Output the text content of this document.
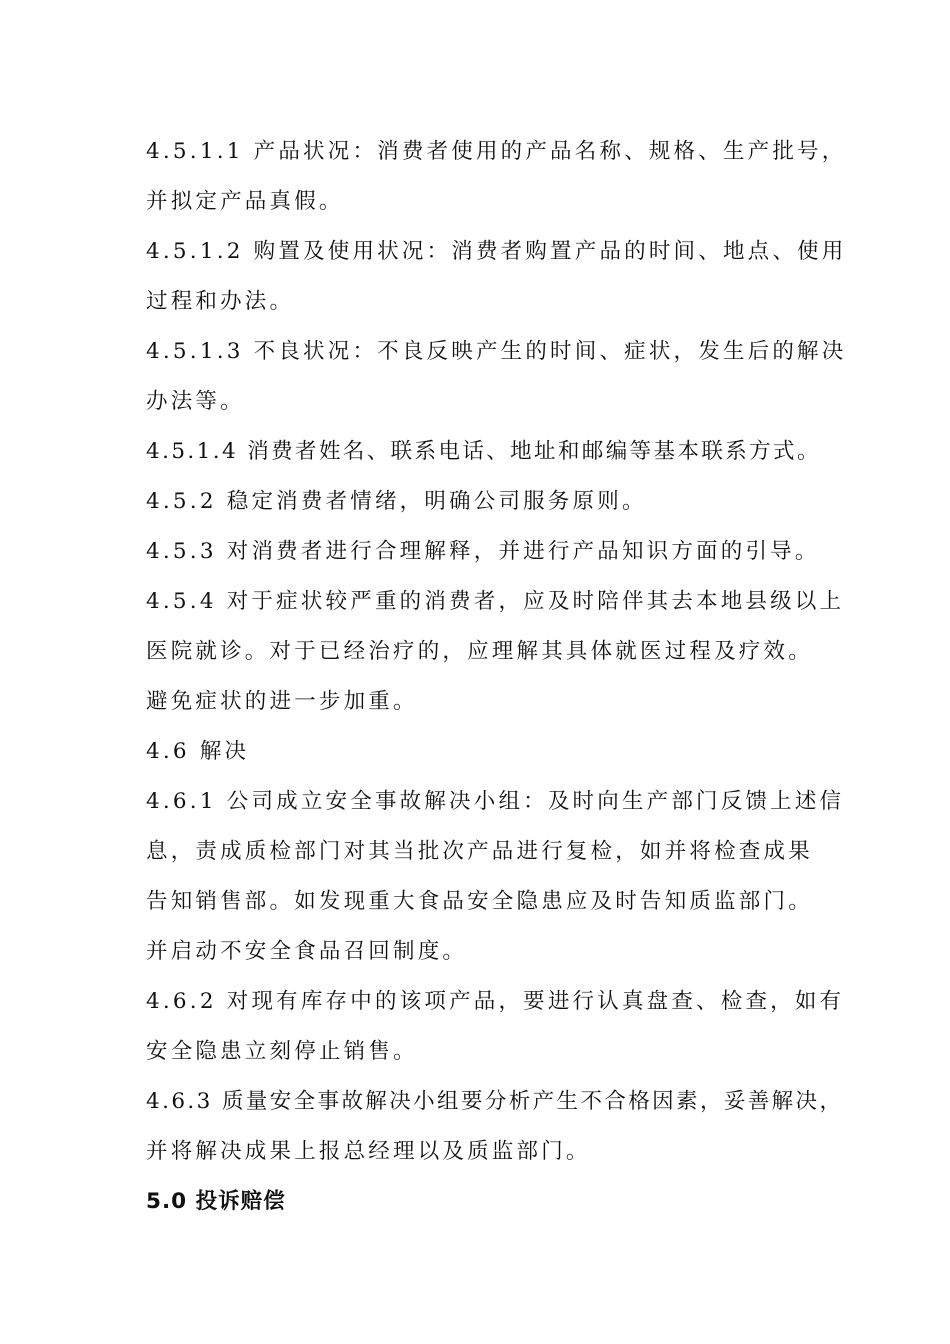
4.5.1.1 产品状况：消费者使用的产品名称、规格、生产批号，
并拟定产品真假。
4.5.1.2 购置及使用状况：消费者购置产品的时间、地点、使用
过程和办法。
4.5.1.3 不良状况：不良反映产生的时间、症状，发生后的解决
办法等。
4.5.1.4 消费者姓名、联系电话、地址和邮编等基本联系方式。
4.5.2 稳定消费者情绪，明确公司服务原则。
4.5.3 对消费者进行合理解释，并进行产品知识方面的引导。
4.5.4 对于症状较严重的消费者，应及时陪伴其去本地县级以上
医院就诊。对于已经治疗的，应理解其具体就医过程及疗效。
避免症状的进一步加重。
4.6 解决
4.6.1 公司成立安全事故解决小组：及时向生产部门反馈上述信
息，责成质检部门对其当批次产品进行复检，如并将检查成果
告知销售部。如发现重大食品安全隐患应及时告知质监部门。
并启动不安全食品召回制度。
4.6.2 对现有库存中的该项产品，要进行认真盘查、检查，如有
安全隐患立刻停止销售。
4.6.3 质量安全事故解决小组要分析产生不合格因素，妥善解决，
并将解决成果上报总经理以及质监部门。
5.0 投诉赔偿
